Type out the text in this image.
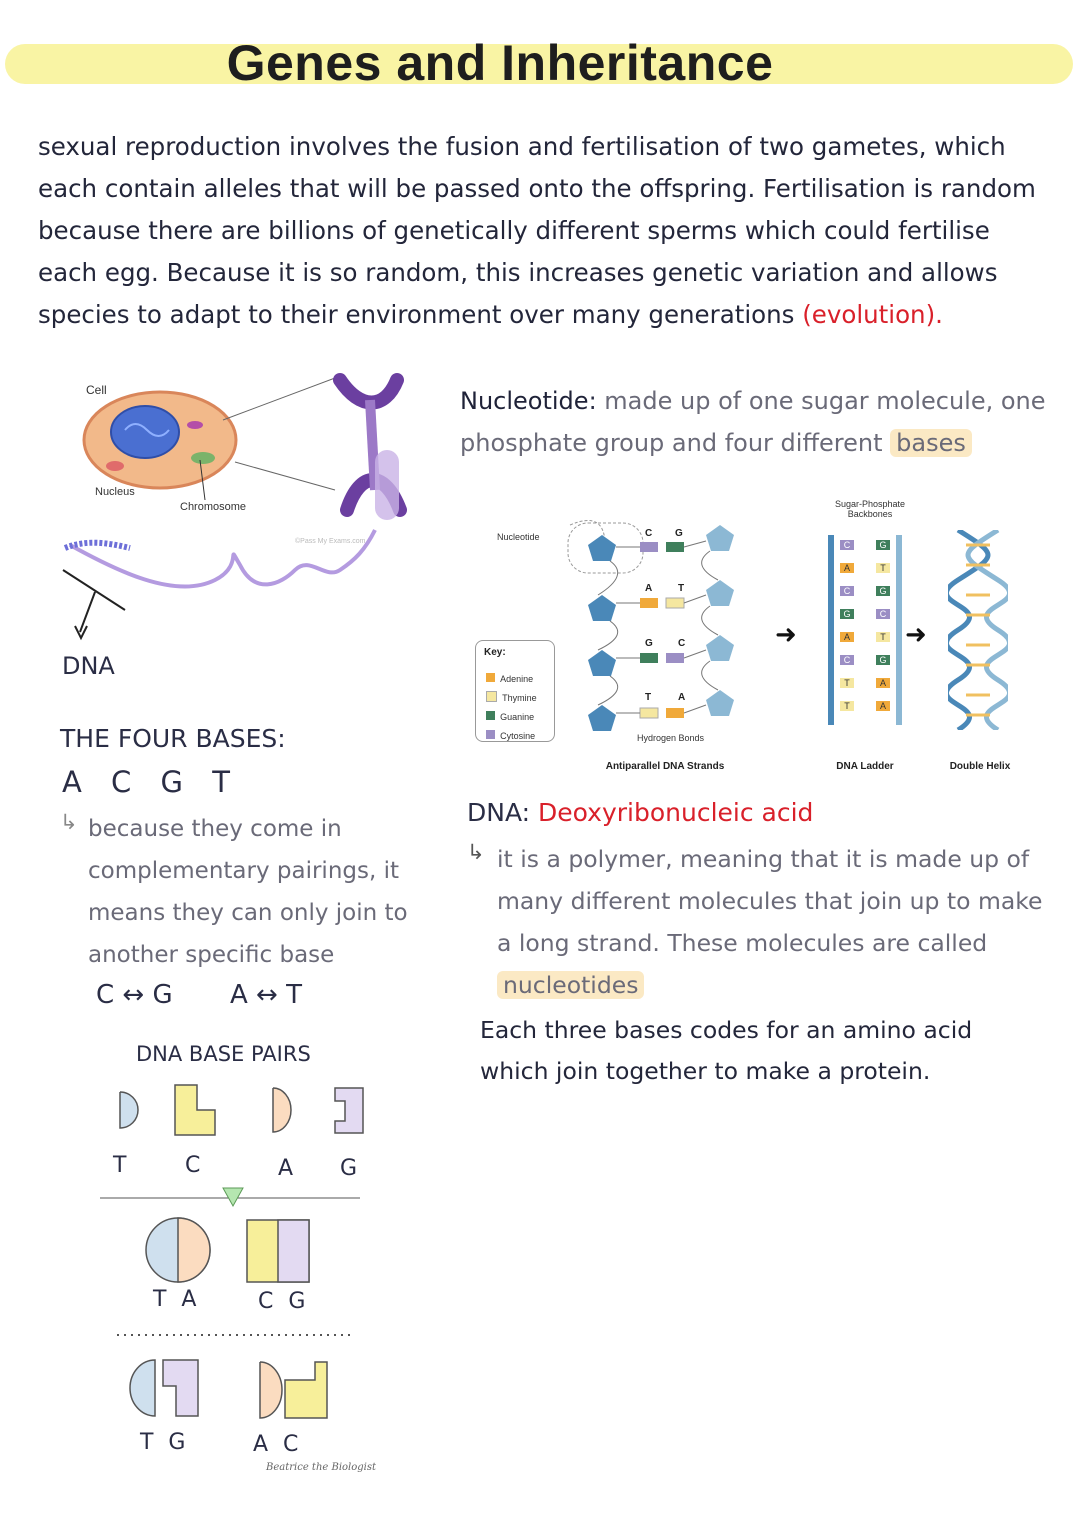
Genes and Inheritance
sexual reproduction involves the fusion and fertilisation of two gametes, which each contain alleles that will be passed onto the offspring. Fertilisation is random because there are billions of genetically different sperms which could fertilise each egg. Because it is so random, this increases genetic variation and allows species to adapt to their environment over many generations (evolution).
Cell
Nucleus
Chromosome
©Pass My Exams.com
DNA
Nucleotide: made up of one sugar molecule, one phosphate group and four different bases
Nucleotide
Sugar-Phosphate Backbones
Key:
Adenine
Thymine
Guanine
Cytosine
C G
A	T
G	C
T	A
Hydrogen Bonds
➜	➜
C	G
A	T
C	G
G	C
A	T
C	G
T	A
T	A
Antiparallel DNA Strands	DNA Ladder	Double Helix
THE FOUR BASES:
A C G T
↳ because they come in complementary pairings, it means they can only join to another specific base
C ↔ G A ↔ T
DNA: Deoxyribonucleic acid
↳ it is a polymer, meaning that it is made up of many different molecules that join up to make a long strand. These molecules are called nucleotides
Each three bases codes for an amino acid which join together to make a protein.
DNA BASE PAIRS
T	C	A G
T A	C G
T G	A C
Beatrice the Biologist
